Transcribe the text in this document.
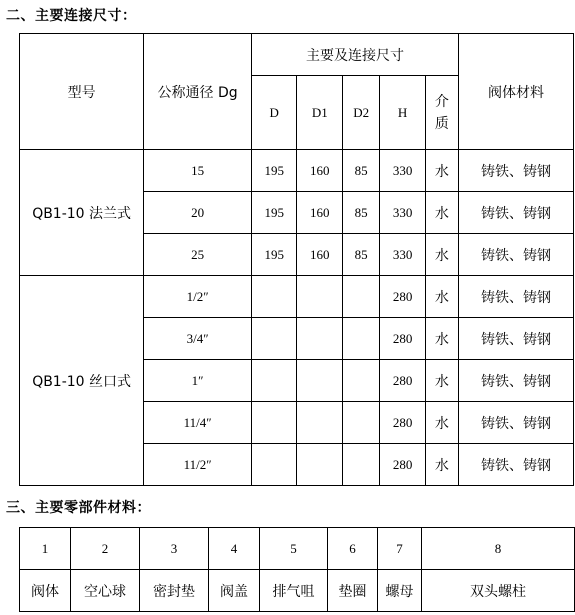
二、主要连接尺寸：
型号	公称通径 Dg	主要及连接尺寸					阀体材料
		D	D1	D2	H	介
质	
QB1-10 法兰式	15	195	160	85	330	水	铸铁、铸钢
	20	195	160	85	330	水	铸铁、铸钢
	25	195	160	85	330	水	铸铁、铸钢
QB1-10 丝口式	1/2″				280	水	铸铁、铸钢
	3/4″				280	水	铸铁、铸钢
	1″				280	水	铸铁、铸钢
	11/4″				280	水	铸铁、铸钢
	11/2″				280	水	铸铁、铸钢
三、主要零部件材料：
1	2	3	4	5	6	7	8
阀体	空心球	密封垫	阀盖	排气咀	垫圈	螺母	双头螺柱
